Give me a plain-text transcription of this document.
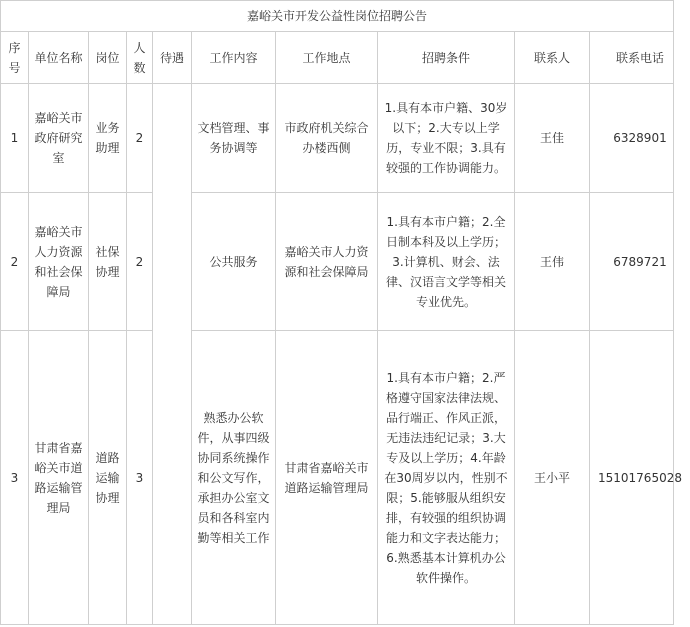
嘉峪关市开发公益性岗位招聘公告									

序号	单位名称	岗位	人数	待遇	工作内容	工作地点	招聘条件	联系人	联系电话

1	嘉峪关市政府研究室	业务助理	2		文档管理、事务协调等	市政府机关综合办楼西侧	1.具有本市户籍、30岁以下；2.大专以上学历，专业不限；3.具有较强的工作协调能力。	王佳	6328901

2	嘉峪关市人力资源和社会保障局	社保协理	2		公共服务	嘉峪关市人力资源和社会保障局	1.具有本市户籍；2.全日制本科及以上学历；3.计算机、财会、法律、汉语言文学等相关专业优先。	王伟	6789721

3	甘肃省嘉峪关市道路运输管理局	道路运输协理	3		熟悉办公软件，从事四级协同系统操作和公文写作，承担办公室文员和各科室内勤等相关工作	甘肃省嘉峪关市道路运输管理局	1.具有本市户籍；2.严格遵守国家法律法规、品行端正、作风正派，无违法违纪记录；3.大专及以上学历；4.年龄在30周岁以内，性别不限；5.能够服从组织安排，有较强的组织协调能力和文字表达能力；6.熟悉基本计算机办公软件操作。	王小平	15101765028
